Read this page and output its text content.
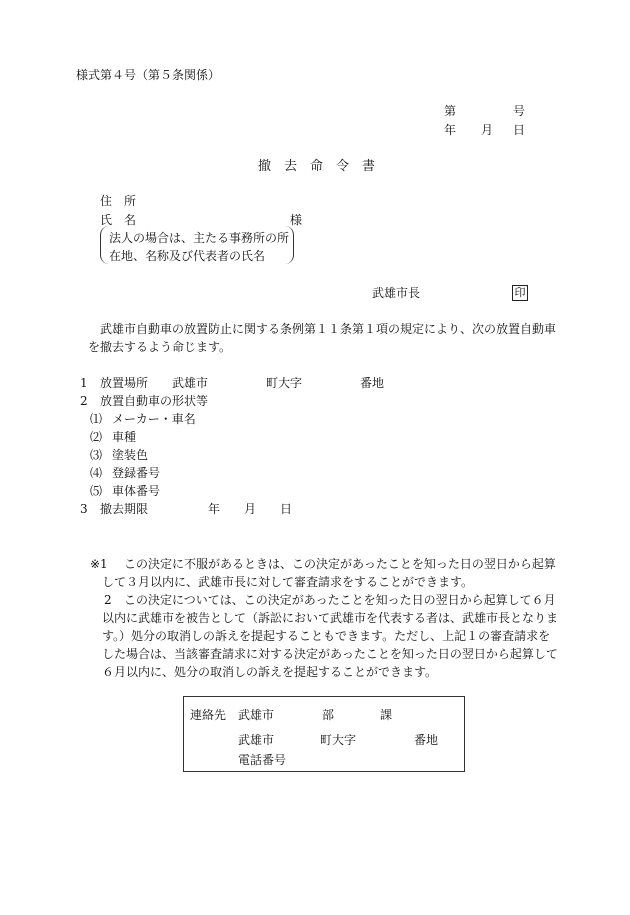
様式第４号（第５条関係）
第	号
年 月 日
撤去命令書
住　所
氏　名	様
法人の場合は、主たる事務所の所
在地、名称及び代表者の氏名
武雄市長	印
武雄市自動車の放置防止に関する条例第１１条第１項の規定により、次の放置自動車
を撤去するよう命じます。
1 放置場所 武雄市	町大字	番地
2 放置自動車の形状等
⑴ メーカー・車名
⑵ 車種
⑶ 塗装色
⑷ 登録番号
⑸ 車体番号
3 撤去期限	年 月 日
※1 この決定に不服があるときは、この決定があったことを知った日の翌日から起算
して３月以内に、武雄市長に対して審査請求をすることができます。
2 この決定については、この決定があったことを知った日の翌日から起算して６月
以内に武雄市を被告として（訴訟において武雄市を代表する者は、武雄市長となりま
す。）処分の取消しの訴えを提起することもできます。ただし、上記１の審査請求を
した場合は、当該審査請求に対する決定があったことを知った日の翌日から起算して
６月以内に、処分の取消しの訴えを提起することができます。
連絡先 武雄市	部	課
武雄市	町大字	番地
電話番号
